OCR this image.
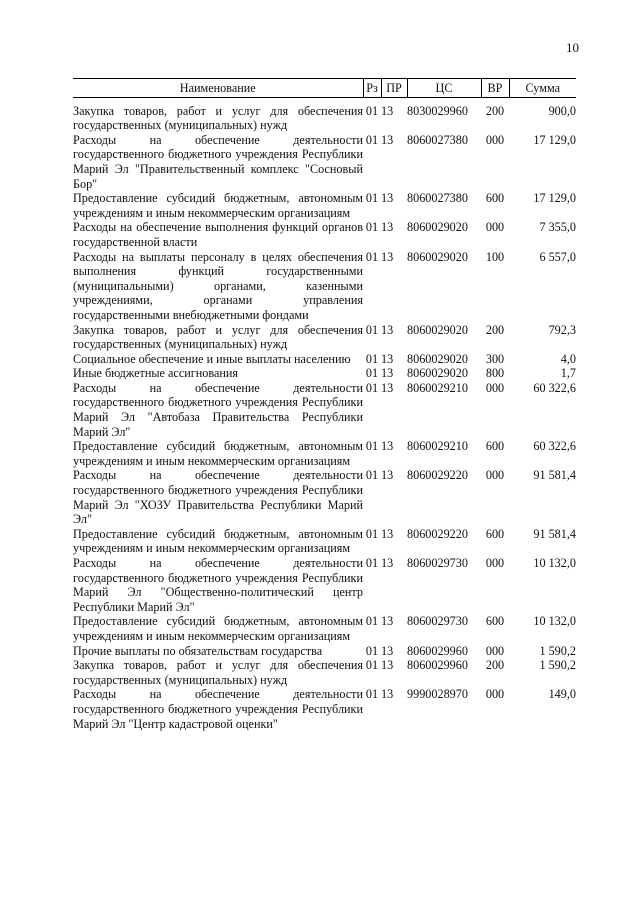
10
Наименование	Рз	ПР	ЦС	ВР	Сумма
Закупка товаров, работ и услуг для обеспечения государственных (муниципальных) нужд	01	13	8030029960	200	900,0
Расходы на обеспечение деятельности государственного бюджетного учреждения Республики Марий Эл "Правительственный комплекс "Сосновый Бор"	01	13	8060027380	000	17 129,0
Предоставление субсидий бюджетным, автономным учреждениям и иным некоммерческим организациям	01	13	8060027380	600	17 129,0
Расходы на обеспечение выполнения функций органов государственной власти	01	13	8060029020	000	7 355,0
Расходы на выплаты персоналу в целях обеспечения выполнения функций государственными (муниципальными) органами, казенными учреждениями, органами управления государственными внебюджетными фондами	01	13	8060029020	100	6 557,0
Закупка товаров, работ и услуг для обеспечения государственных (муниципальных) нужд	01	13	8060029020	200	792,3
Социальное обеспечение и иные выплаты населению	01	13	8060029020	300	4,0
Иные бюджетные ассигнования	01	13	8060029020	800	1,7
Расходы на обеспечение деятельности государственного бюджетного учреждения Республики Марий Эл "Автобаза Правительства Республики Марий Эл"	01	13	8060029210	000	60 322,6
Предоставление субсидий бюджетным, автономным учреждениям и иным некоммерческим организациям	01	13	8060029210	600	60 322,6
Расходы на обеспечение деятельности государственного бюджетного учреждения Республики Марий Эл "ХОЗУ Правительства Республики Марий Эл"	01	13	8060029220	000	91 581,4
Предоставление субсидий бюджетным, автономным учреждениям и иным некоммерческим организациям	01	13	8060029220	600	91 581,4
Расходы на обеспечение деятельности государственного бюджетного учреждения Республики Марий Эл "Общественно-политический центр Республики Марий Эл"	01	13	8060029730	000	10 132,0
Предоставление субсидий бюджетным, автономным учреждениям и иным некоммерческим организациям	01	13	8060029730	600	10 132,0
Прочие выплаты по обязательствам государства	01	13	8060029960	000	1 590,2
Закупка товаров, работ и услуг для обеспечения государственных (муниципальных) нужд	01	13	8060029960	200	1 590,2
Расходы на обеспечение деятельности государственного бюджетного учреждения Республики Марий Эл "Центр кадастровой оценки"	01	13	9990028970	000	149,0
